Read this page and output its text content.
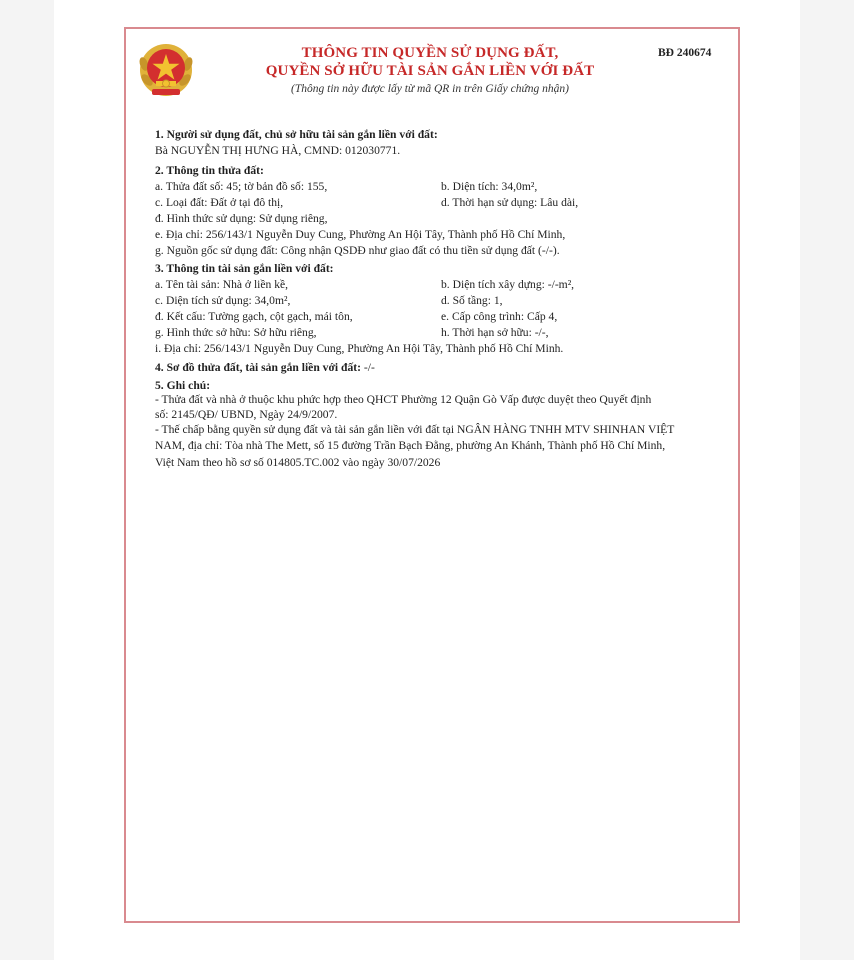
BĐ 240674
THÔNG TIN QUYỀN SỬ DỤNG ĐẤT,
QUYỀN SỞ HỮU TÀI SẢN GẮN LIỀN VỚI ĐẤT
(Thông tin này được lấy từ mã QR in trên Giấy chứng nhận)
1. Người sử dụng đất, chủ sở hữu tài sản gắn liền với đất:
Bà NGUYỄN THỊ HƯNG HÀ, CMND: 012030771.
2. Thông tin thửa đất:
a. Thửa đất số: 45; tờ bản đồ số: 155,	b. Diện tích: 34,0m²,
c. Loại đất: Đất ở tại đô thị,	d. Thời hạn sử dụng: Lâu dài,
đ. Hình thức sử dụng: Sử dụng riêng,
e. Địa chỉ: 256/143/1 Nguyễn Duy Cung, Phường An Hội Tây, Thành phố Hồ Chí Minh,
g. Nguồn gốc sử dụng đất: Công nhận QSDĐ như giao đất có thu tiền sử dụng đất (-/-).
3. Thông tin tài sản gắn liền với đất:
a. Tên tài sản: Nhà ở liền kề,	b. Diện tích xây dựng: -/-m²,
c. Diện tích sử dụng: 34,0m²,	d. Số tầng: 1,
đ. Kết cấu: Tường gạch, cột gạch, mái tôn,	e. Cấp công trình: Cấp 4,
g. Hình thức sở hữu: Sở hữu riêng,	h. Thời hạn sở hữu: -/-,
i. Địa chỉ: 256/143/1 Nguyễn Duy Cung, Phường An Hội Tây, Thành phố Hồ Chí Minh.
4. Sơ đồ thửa đất, tài sản gắn liền với đất: -/-
5. Ghi chú:
- Thửa đất và nhà ở thuộc khu phức hợp theo QHCT Phường 12 Quận Gò Vấp được duyệt theo Quyết định
số: 2145/QĐ/ UBND, Ngày 24/9/2007.
- Thế chấp bằng quyền sử dụng đất và tài sản gắn liền với đất tại NGÂN HÀNG TNHH MTV SHINHAN VIỆT
NAM, địa chỉ: Tòa nhà The Mett, số 15 đường Trần Bạch Đằng, phường An Khánh, Thành phố Hồ Chí Minh,
Việt Nam theo hồ sơ số 014805.TC.002 vào ngày 30/07/2026
